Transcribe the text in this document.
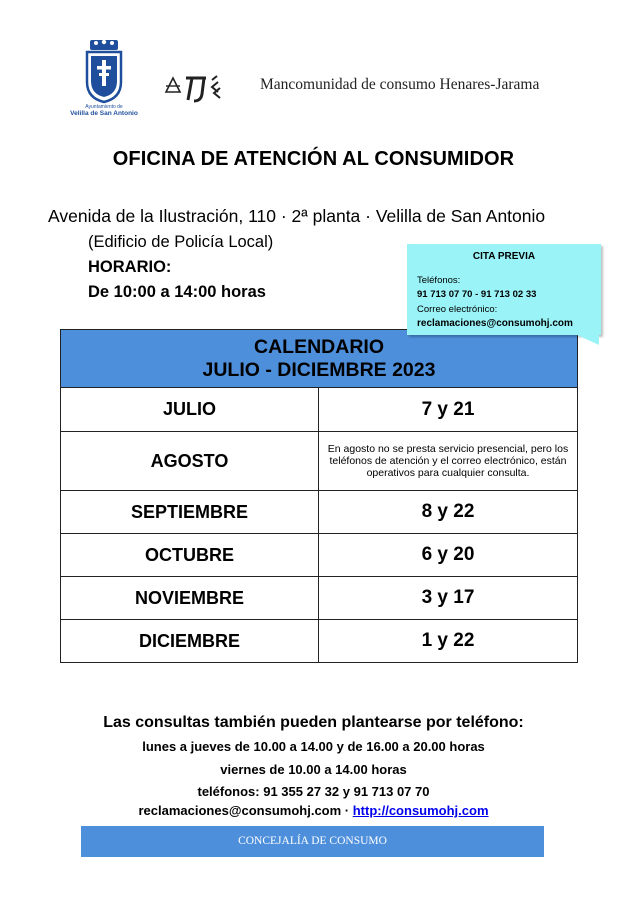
Ayuntamiento de
Velilla de San Antonio
Mancomunidad de consumo Henares-Jarama
OFICINA DE ATENCIÓN AL CONSUMIDOR
Avenida de la Ilustración, 110 · 2ª planta · Velilla de San Antonio
(Edificio de Policía Local)
HORARIO:
De 10:00 a 14:00 horas
CALENDARIO
JULIO - DICIEMBRE 2023	

JULIO	7 y 21
AGOSTO	En agosto no se presta servicio presencial, pero los teléfonos de atención y el correo electrónico, están operativos para cualquier consulta.
SEPTIEMBRE	8 y 22
OCTUBRE	6 y 20
NOVIEMBRE	3 y 17
DICIEMBRE	1 y 22
CITA PREVIA
Teléfonos:
91 713 07 70 - 91 713 02 33
Correo electrónico:
reclamaciones@consumohj.com
Las consultas también pueden plantearse por teléfono:
lunes a jueves de 10.00 a 14.00 y de 16.00 a 20.00 horas
viernes de 10.00 a 14.00 horas
teléfonos: 91 355 27 32 y 91 713 07 70
reclamaciones@consumohj.com · http://consumohj.com
CONCEJALÍA DE CONSUMO
